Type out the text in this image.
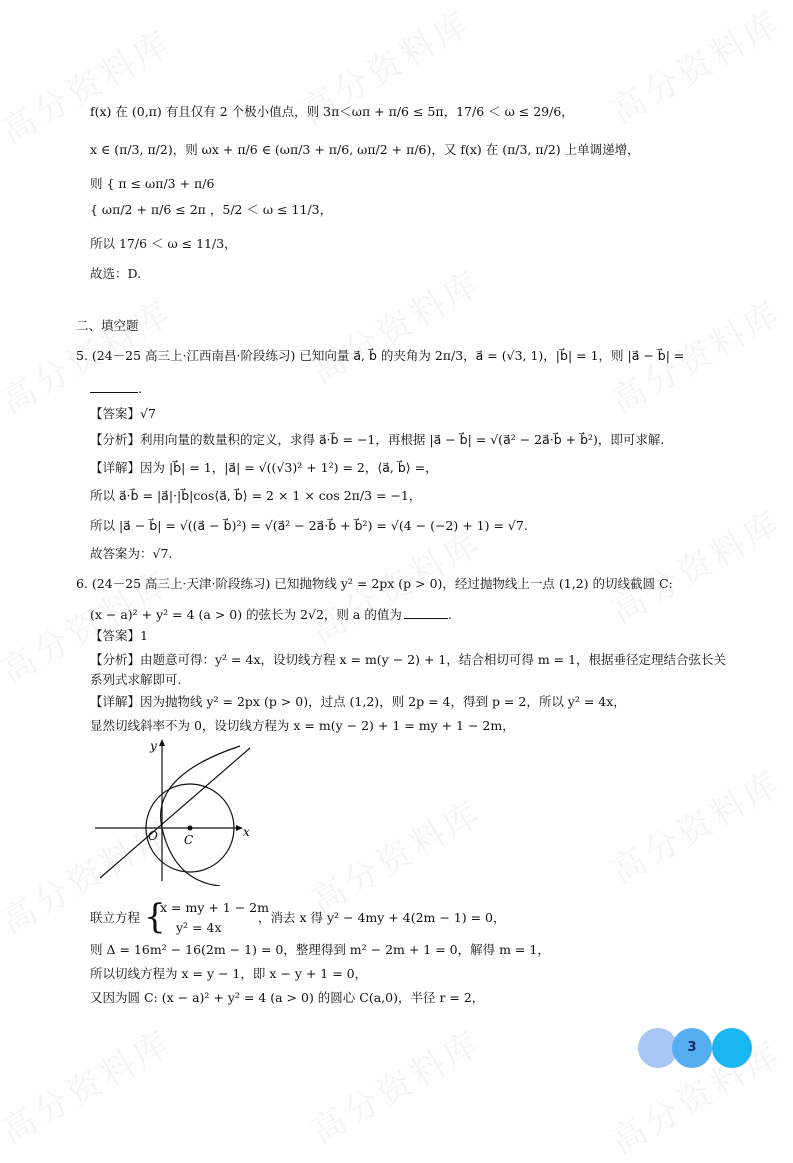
f(x) 在 (0,π) 有且仅有 2 个极小值点，则 3π＜ωπ + π/6 ≤ 5π，17/6 ＜ ω ≤ 29/6，
x ∈ (π/3, π/2)，则 ωx + π/6 ∈ (ωπ/3 + π/6, ωπ/2 + π/6)，又 f(x) 在 (π/3, π/2) 上单调递增，
则 { π ≤ ωπ/3 + π/6
{ ωπ/2 + π/6 ≤ 2π ，5/2 ＜ ω ≤ 11/3，
所以 17/6 ＜ ω ≤ 11/3，
故选：D.
二、填空题
5. (24－25 高三上·江西南昌·阶段练习) 已知向量 a⃗, b⃗ 的夹角为 2π/3，a⃗ = (√3, 1)，|b⃗| = 1，则 |a⃗ − b⃗| =
.
【答案】√7
【分析】利用向量的数量积的定义，求得 a⃗·b⃗ = −1，再根据 |a⃗ − b⃗| = √(a⃗² − 2a⃗·b⃗ + b⃗²)，即可求解.
【详解】因为 |b⃗| = 1，|a⃗| = √((√3)² + 1²) = 2，⟨a⃗, b⃗⟩ =，
所以 a⃗·b⃗ = |a⃗|·|b⃗|cos⟨a⃗, b⃗⟩ = 2 × 1 × cos 2π/3 = −1，
所以 |a⃗ − b⃗| = √((a⃗ − b⃗)²) = √(a⃗² − 2a⃗·b⃗ + b⃗²) = √(4 − (−2) + 1) = √7.
故答案为：√7.
6. (24－25 高三上·天津·阶段练习) 已知抛物线 y² = 2px (p > 0)，经过抛物线上一点 (1,2) 的切线截圆 C:
(x − a)² + y² = 4 (a > 0) 的弦长为 2√2，则 a 的值为	.
【答案】1
【分析】由题意可得：y² = 4x，设切线方程 x = m(y − 2) + 1，结合相切可得 m = 1，根据垂径定理结合弦长关
系列式求解即可.
【详解】因为抛物线 y² = 2px (p > 0)，过点 (1,2)，则 2p = 4，得到 p = 2，所以 y² = 4x，
显然切线斜率不为 0，设切线方程为 x = m(y − 2) + 1 = my + 1 − 2m，
y
x
O C
联立方程 {
x = my + 1 − 2m
y² = 4x
，消去 x 得 y² − 4my + 4(2m − 1) = 0，
则 Δ = 16m² − 16(2m − 1) = 0，整理得到 m² − 2m + 1 = 0，解得 m = 1，
所以切线方程为 x = y − 1，即 x − y + 1 = 0，
又因为圆 C: (x − a)² + y² = 4 (a > 0) 的圆心 C(a,0)，半径 r = 2，
3
